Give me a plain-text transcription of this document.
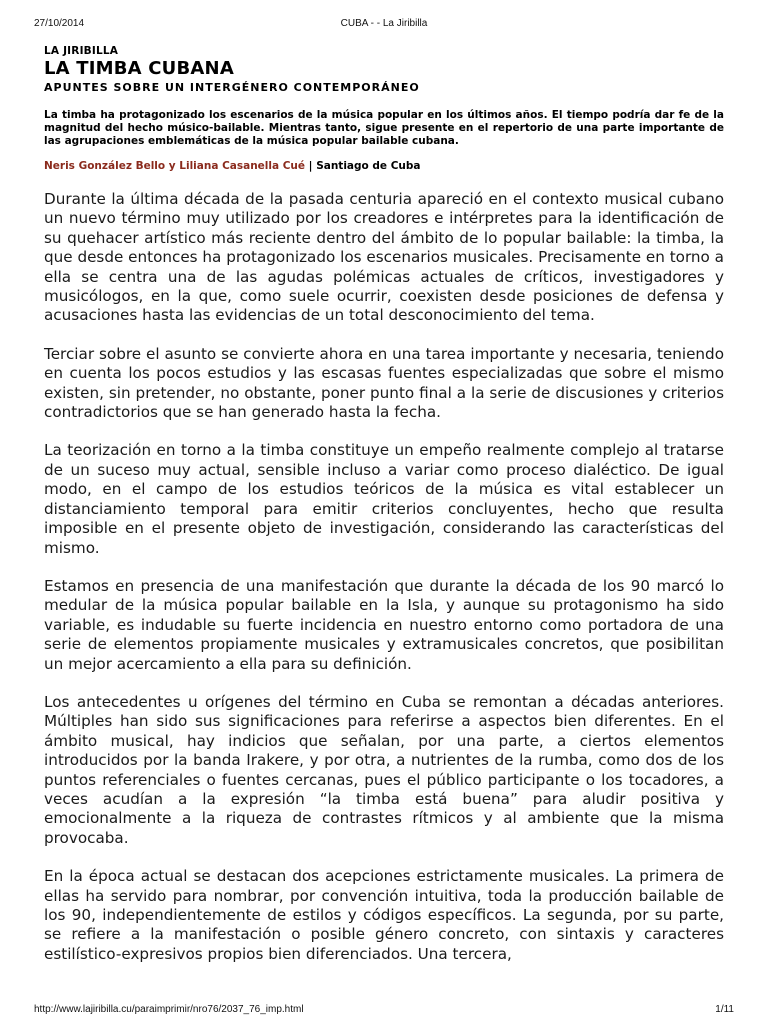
27/10/2014	CUBA - - La Jiribilla

LA JIRIBILLA

LA TIMBA CUBANA

APUNTES SOBRE UN INTERGÉNERO CONTEMPORÁNEO

La timba ha protagonizado los escenarios de la música popular en los últimos años. El tiempo podría dar fe de la magnitud del hecho músico-bailable. Mientras tanto, sigue presente en el repertorio de una parte importante de las agrupaciones emblemáticas de la música popular bailable cubana.

Neris González Bello y Liliana Casanella Cué | Santiago de Cuba

Durante la última década de la pasada centuria apareció en el contexto musical cubano un nuevo término muy utilizado por los creadores e intérpretes para la identificación de su quehacer artístico más reciente dentro del ámbito de lo popular bailable: la timba, la que desde entonces ha protagonizado los escenarios musicales. Precisamente en torno a ella se centra una de las agudas polémicas actuales de críticos, investigadores y musicólogos, en la que, como suele ocurrir, coexisten desde posiciones de defensa y acusaciones hasta las evidencias de un total desconocimiento del tema.

Terciar sobre el asunto se convierte ahora en una tarea importante y necesaria, teniendo en cuenta los pocos estudios y las escasas fuentes especializadas que sobre el mismo existen, sin pretender, no obstante, poner punto final a la serie de discusiones y criterios contradictorios que se han generado hasta la fecha.

La teorización en torno a la timba constituye un empeño realmente complejo al tratarse de un suceso muy actual, sensible incluso a variar como proceso dialéctico. De igual modo, en el campo de los estudios teóricos de la música es vital establecer un distanciamiento temporal para emitir criterios concluyentes, hecho que resulta imposible en el presente objeto de investigación, considerando las características del mismo.

Estamos en presencia de una manifestación que durante la década de los 90 marcó lo medular de la música popular bailable en la Isla, y aunque su protagonismo ha sido variable, es indudable su fuerte incidencia en nuestro entorno como portadora de una serie de elementos propiamente musicales y extramusicales concretos, que posibilitan un mejor acercamiento a ella para su definición.

Los antecedentes u orígenes del término en Cuba se remontan a décadas anteriores. Múltiples han sido sus significaciones para referirse a aspectos bien diferentes. En el ámbito musical, hay indicios que señalan, por una parte, a ciertos elementos introducidos por la banda Irakere, y por otra, a nutrientes de la rumba, como dos de los puntos referenciales o fuentes cercanas, pues el público participante o los tocadores, a veces acudían a la expresión “la timba está buena” para aludir positiva y emocionalmente a la riqueza de contrastes rítmicos y al ambiente que la misma provocaba.

En la época actual se destacan dos acepciones estrictamente musicales. La primera de ellas ha servido para nombrar, por convención intuitiva, toda la producción bailable de los 90, independientemente de estilos y códigos específicos. La segunda, por su parte, se refiere a la manifestación o posible género concreto, con sintaxis y caracteres estilístico-expresivos propios bien diferenciados. Una tercera,

http://www.lajiribilla.cu/paraimprimir/nro76/2037_76_imp.html	1/11
